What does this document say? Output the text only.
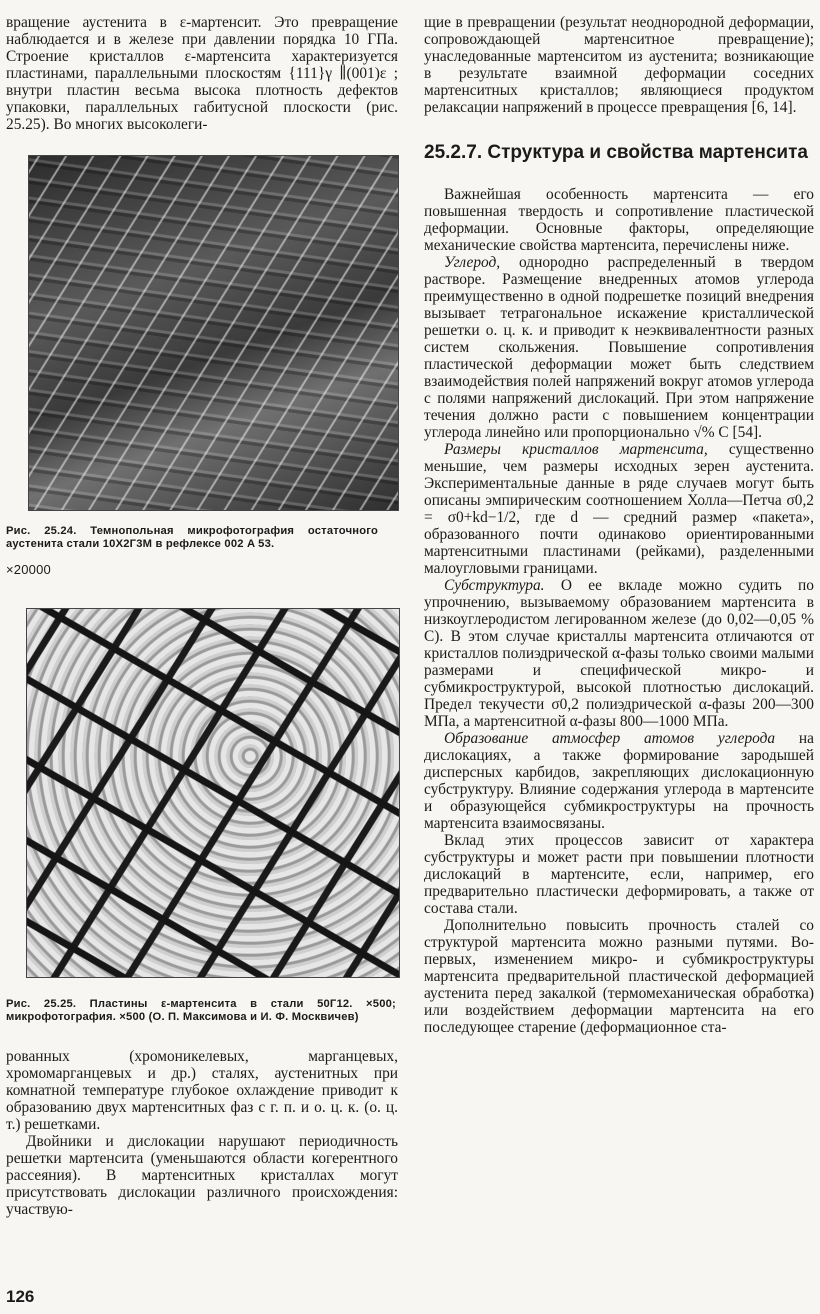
вращение аустенита в ε-мартенсит. Это превращение наблюдается и в железе при давлении порядка 10 ГПа. Строение кристаллов ε-мартенсита характеризуется пластинами, параллельными плоскостям {111}γ ∥(001)ε ; внутри пластин весьма высока плотность дефектов упаковки, параллельных габитусной плоскости (рис. 25.25). Во многих высоколеги-

Рис. 25.24. Темнопольная микрофотография остаточного аустенита стали 10Х2Г3М в рефлексе 002 A 53.

×20000

Рис. 25.25. Пластины ε-мартенсита в стали 50Г12. ×500; микрофотография. ×500 (О. П. Максимова и И. Ф. Москвичев)

рованных (хромоникелевых, марганцевых, хромомарганцевых и др.) сталях, аустенитных при комнатной температуре глубокое охлаждение приводит к образованию двух мартенситных фаз с г. п. и о. ц. к. (о. ц. т.) решетками.

Двойники и дислокации нарушают периодичность решетки мартенсита (уменьшаются области когерентного рассеяния). В мартенситных кристаллах могут присутствовать дислокации различного происхождения: участвую-

щие в превращении (результат неоднородной деформации, сопровождающей мартенситное превращение); унаследованные мартенситом из аустенита; возникающие в результате взаимной деформации соседних мартенситных кристаллов; являющиеся продуктом релаксации напряжений в процессе превращения [6, 14].

25.2.7. Структура и свойства мартенсита

Важнейшая особенность мартенсита — его повышенная твердость и сопротивление пластической деформации. Основные факторы, определяющие механические свойства мартенсита, перечислены ниже.

Углерод, однородно распределенный в твердом растворе. Размещение внедренных атомов углерода преимущественно в одной подрешетке позиций внедрения вызывает тетрагональное искажение кристаллической решетки о. ц. к. и приводит к неэквивалентности разных систем скольжения. Повышение сопротивления пластической деформации может быть следствием взаимодействия полей напряжений вокруг атомов углерода с полями напряжений дислокаций. При этом напряжение течения должно расти с повышением концентрации углерода линейно или пропорционально √% С [54].

Размеры кристаллов мартенсита, существенно меньшие, чем размеры исходных зерен аустенита. Экспериментальные данные в ряде случаев могут быть описаны эмпирическим соотношением Холла—Петча σ0,2 = σ0+kd−1/2, где d — средний размер «пакета», образованного почти одинаково ориентированными мартенситными пластинами (рейками), разделенными малоугловыми границами.

Субструктура. О ее вкладе можно судить по упрочнению, вызываемому образованием мартенсита в низкоуглеродистом легированном железе (до 0,02—0,05 % С). В этом случае кристаллы мартенсита отличаются от кристаллов полиэдрической α-фазы только своими малыми размерами и специфической микро- и субмикроструктурой, высокой плотностью дислокаций. Предел текучести σ0,2 полиэдрической α-фазы 200—300 МПа, а мартенситной α-фазы 800—1000 МПа.

Образование атмосфер атомов углерода на дислокациях, а также формирование зародышей дисперсных карбидов, закрепляющих дислокационную субструктуру. Влияние содержания углерода в мартенсите и образующейся субмикроструктуры на прочность мартенсита взаимосвязаны.

Вклад этих процессов зависит от характера субструктуры и может расти при повышении плотности дислокаций в мартенсите, если, например, его предварительно пластически деформировать, а также от состава стали.

Дополнительно повысить прочность сталей со структурой мартенсита можно разными путями. Во-первых, изменением микро- и субмикроструктуры мартенсита предварительной пластической деформацией аустенита перед закалкой (термомеханическая обработка) или воздействием деформации мартенсита на его последующее старение (деформационное ста-

126
